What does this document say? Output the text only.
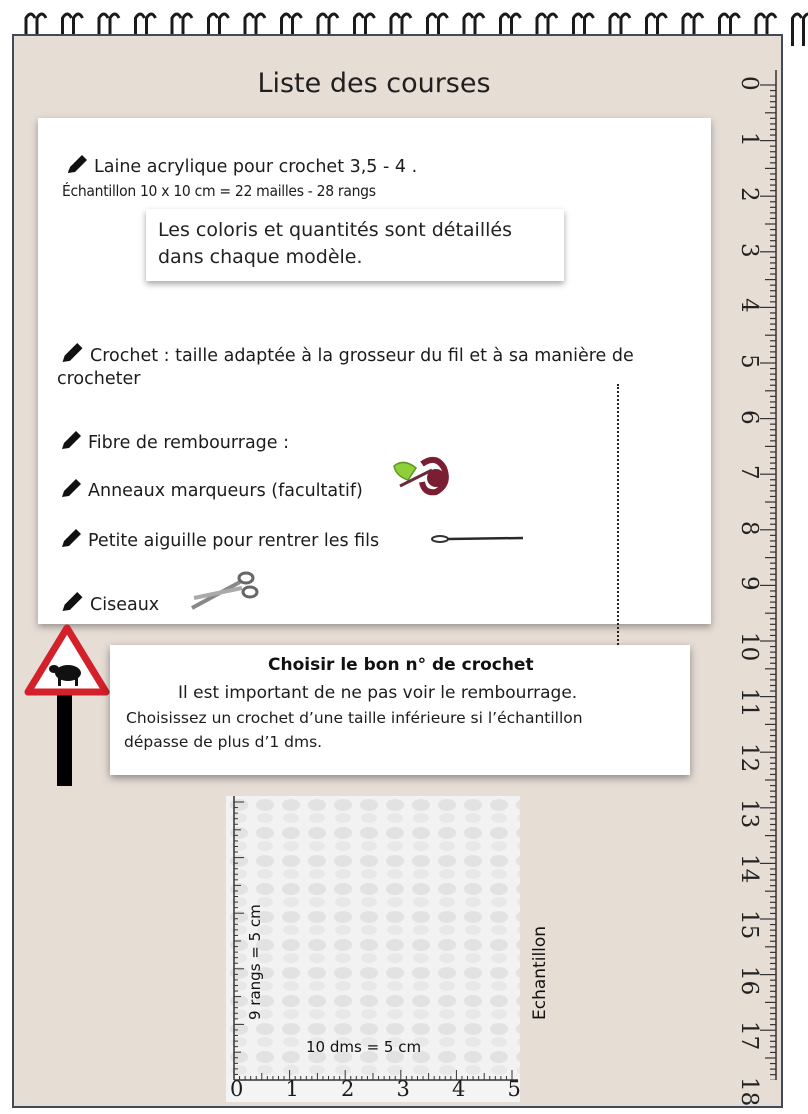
Liste des courses
Laine acrylique pour crochet 3,5 - 4 .
Échantillon 10 x 10 cm = 22 mailles - 28 rangs
Les coloris et quantités sont détaillés
dans chaque modèle.
Crochet : taille adaptée à la grosseur du fil et à sa manière de
crocheter
Fibre de rembourrage :
Anneaux marqueurs (facultatif)
Petite aiguille pour rentrer les fils
Ciseaux
Choisir le bon n° de crochet
Il est important de ne pas voir le rembourrage.
Choisissez un crochet d’une taille inférieure si l’échantillon
dépasse de plus d’1 dms.
9 rangs = 5 cm
10 dms = 5 cm
Echantillon
0 1 2 3 4 5
0
1
2
3
4
5
6
7
8
9
10
11
12
13
14
15
16
17
18
